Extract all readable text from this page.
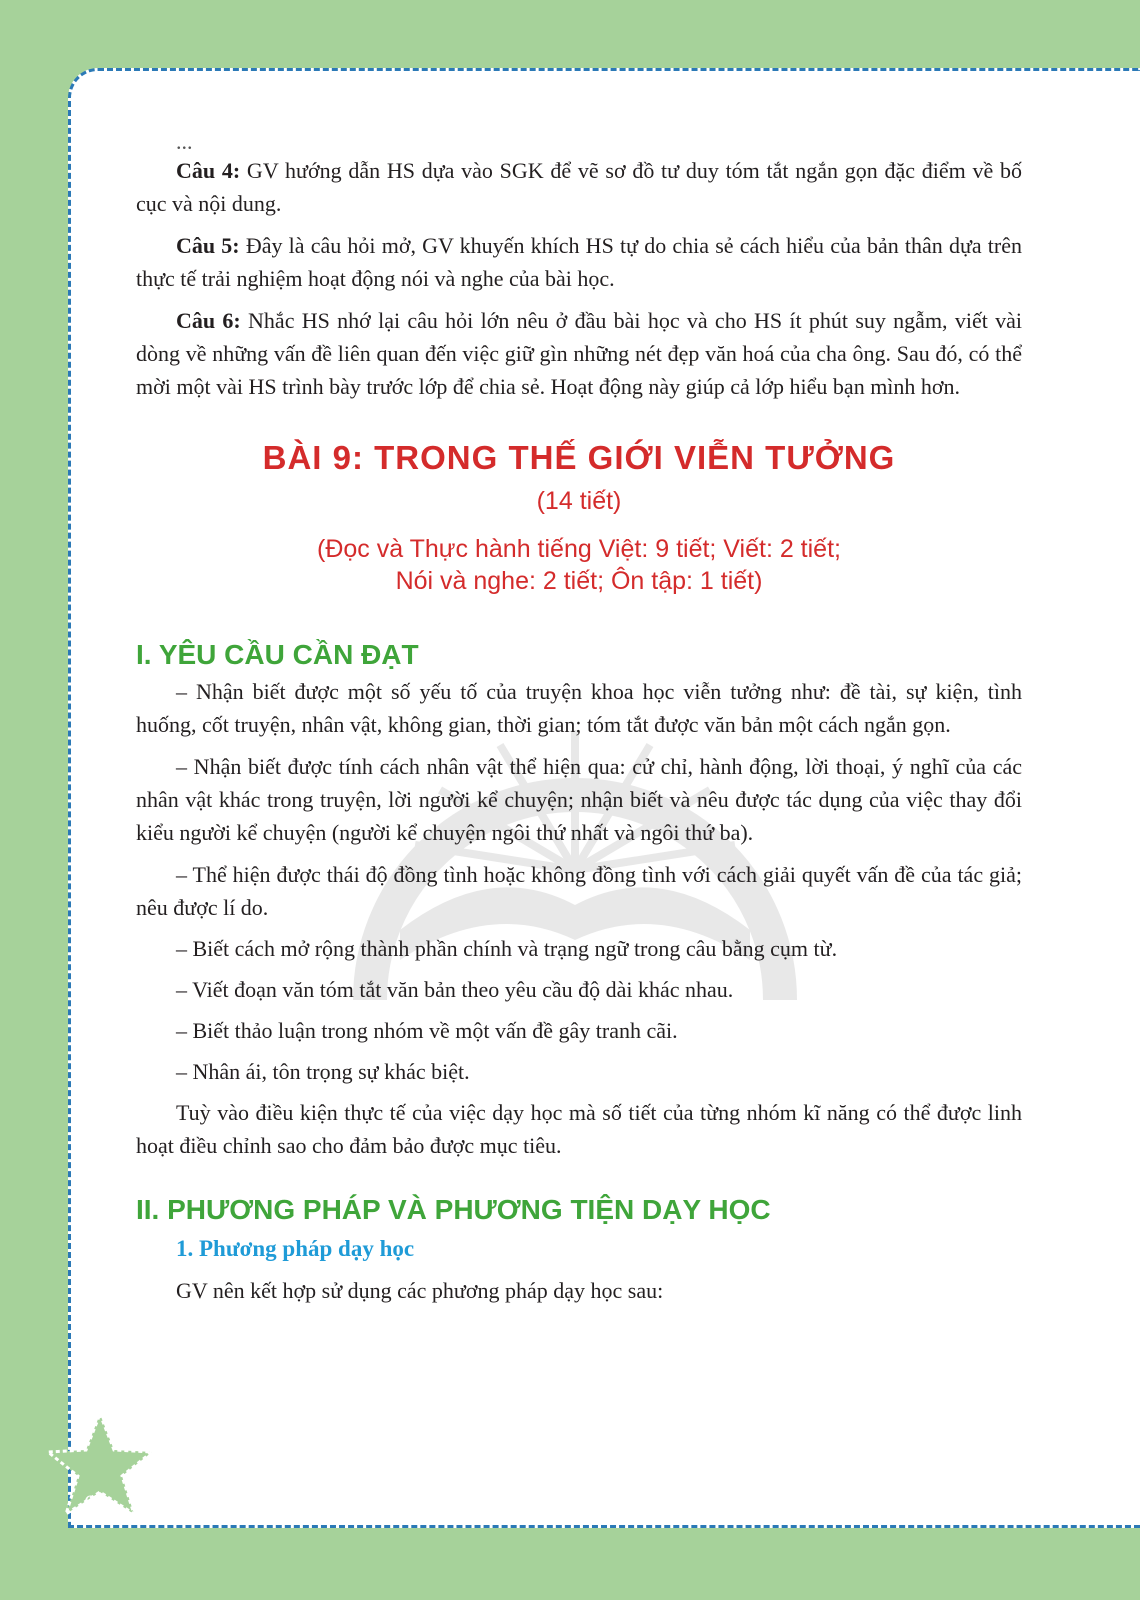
...

Câu 4: GV hướng dẫn HS dựa vào SGK để vẽ sơ đồ tư duy tóm tắt ngắn gọn đặc điểm về bố cục và nội dung.

Câu 5: Đây là câu hỏi mở, GV khuyến khích HS tự do chia sẻ cách hiểu của bản thân dựa trên thực tế trải nghiệm hoạt động nói và nghe của bài học.

Câu 6: Nhắc HS nhớ lại câu hỏi lớn nêu ở đầu bài học và cho HS ít phút suy ngẫm, viết vài dòng về những vấn đề liên quan đến việc giữ gìn những nét đẹp văn hoá của cha ông. Sau đó, có thể mời một vài HS trình bày trước lớp để chia sẻ. Hoạt động này giúp cả lớp hiểu bạn mình hơn.

BÀI 9: TRONG THẾ GIỚI VIỄN TƯỞNG
(14 tiết)
(Đọc và Thực hành tiếng Việt: 9 tiết; Viết: 2 tiết;
Nói và nghe: 2 tiết; Ôn tập: 1 tiết)
I. YÊU CẦU CẦN ĐẠT

– Nhận biết được một số yếu tố của truyện khoa học viễn tưởng như: đề tài, sự kiện, tình huống, cốt truyện, nhân vật, không gian, thời gian; tóm tắt được văn bản một cách ngắn gọn.

– Nhận biết được tính cách nhân vật thể hiện qua: cử chỉ, hành động, lời thoại, ý nghĩ của các nhân vật khác trong truyện, lời người kể chuyện; nhận biết và nêu được tác dụng của việc thay đổi kiểu người kể chuyện (người kể chuyện ngôi thứ nhất và ngôi thứ ba).

– Thể hiện được thái độ đồng tình hoặc không đồng tình với cách giải quyết vấn đề của tác giả; nêu được lí do.

– Biết cách mở rộng thành phần chính và trạng ngữ trong câu bằng cụm từ.

– Viết đoạn văn tóm tắt văn bản theo yêu cầu độ dài khác nhau.

– Biết thảo luận trong nhóm về một vấn đề gây tranh cãi.

– Nhân ái, tôn trọng sự khác biệt.

Tuỳ vào điều kiện thực tế của việc dạy học mà số tiết của từng nhóm kĩ năng có thể được linh hoạt điều chỉnh sao cho đảm bảo được mục tiêu.

II. PHƯƠNG PHÁP VÀ PHƯƠNG TIỆN DẠY HỌC
1. Phương pháp dạy học

GV nên kết hợp sử dụng các phương pháp dạy học sau:

62
